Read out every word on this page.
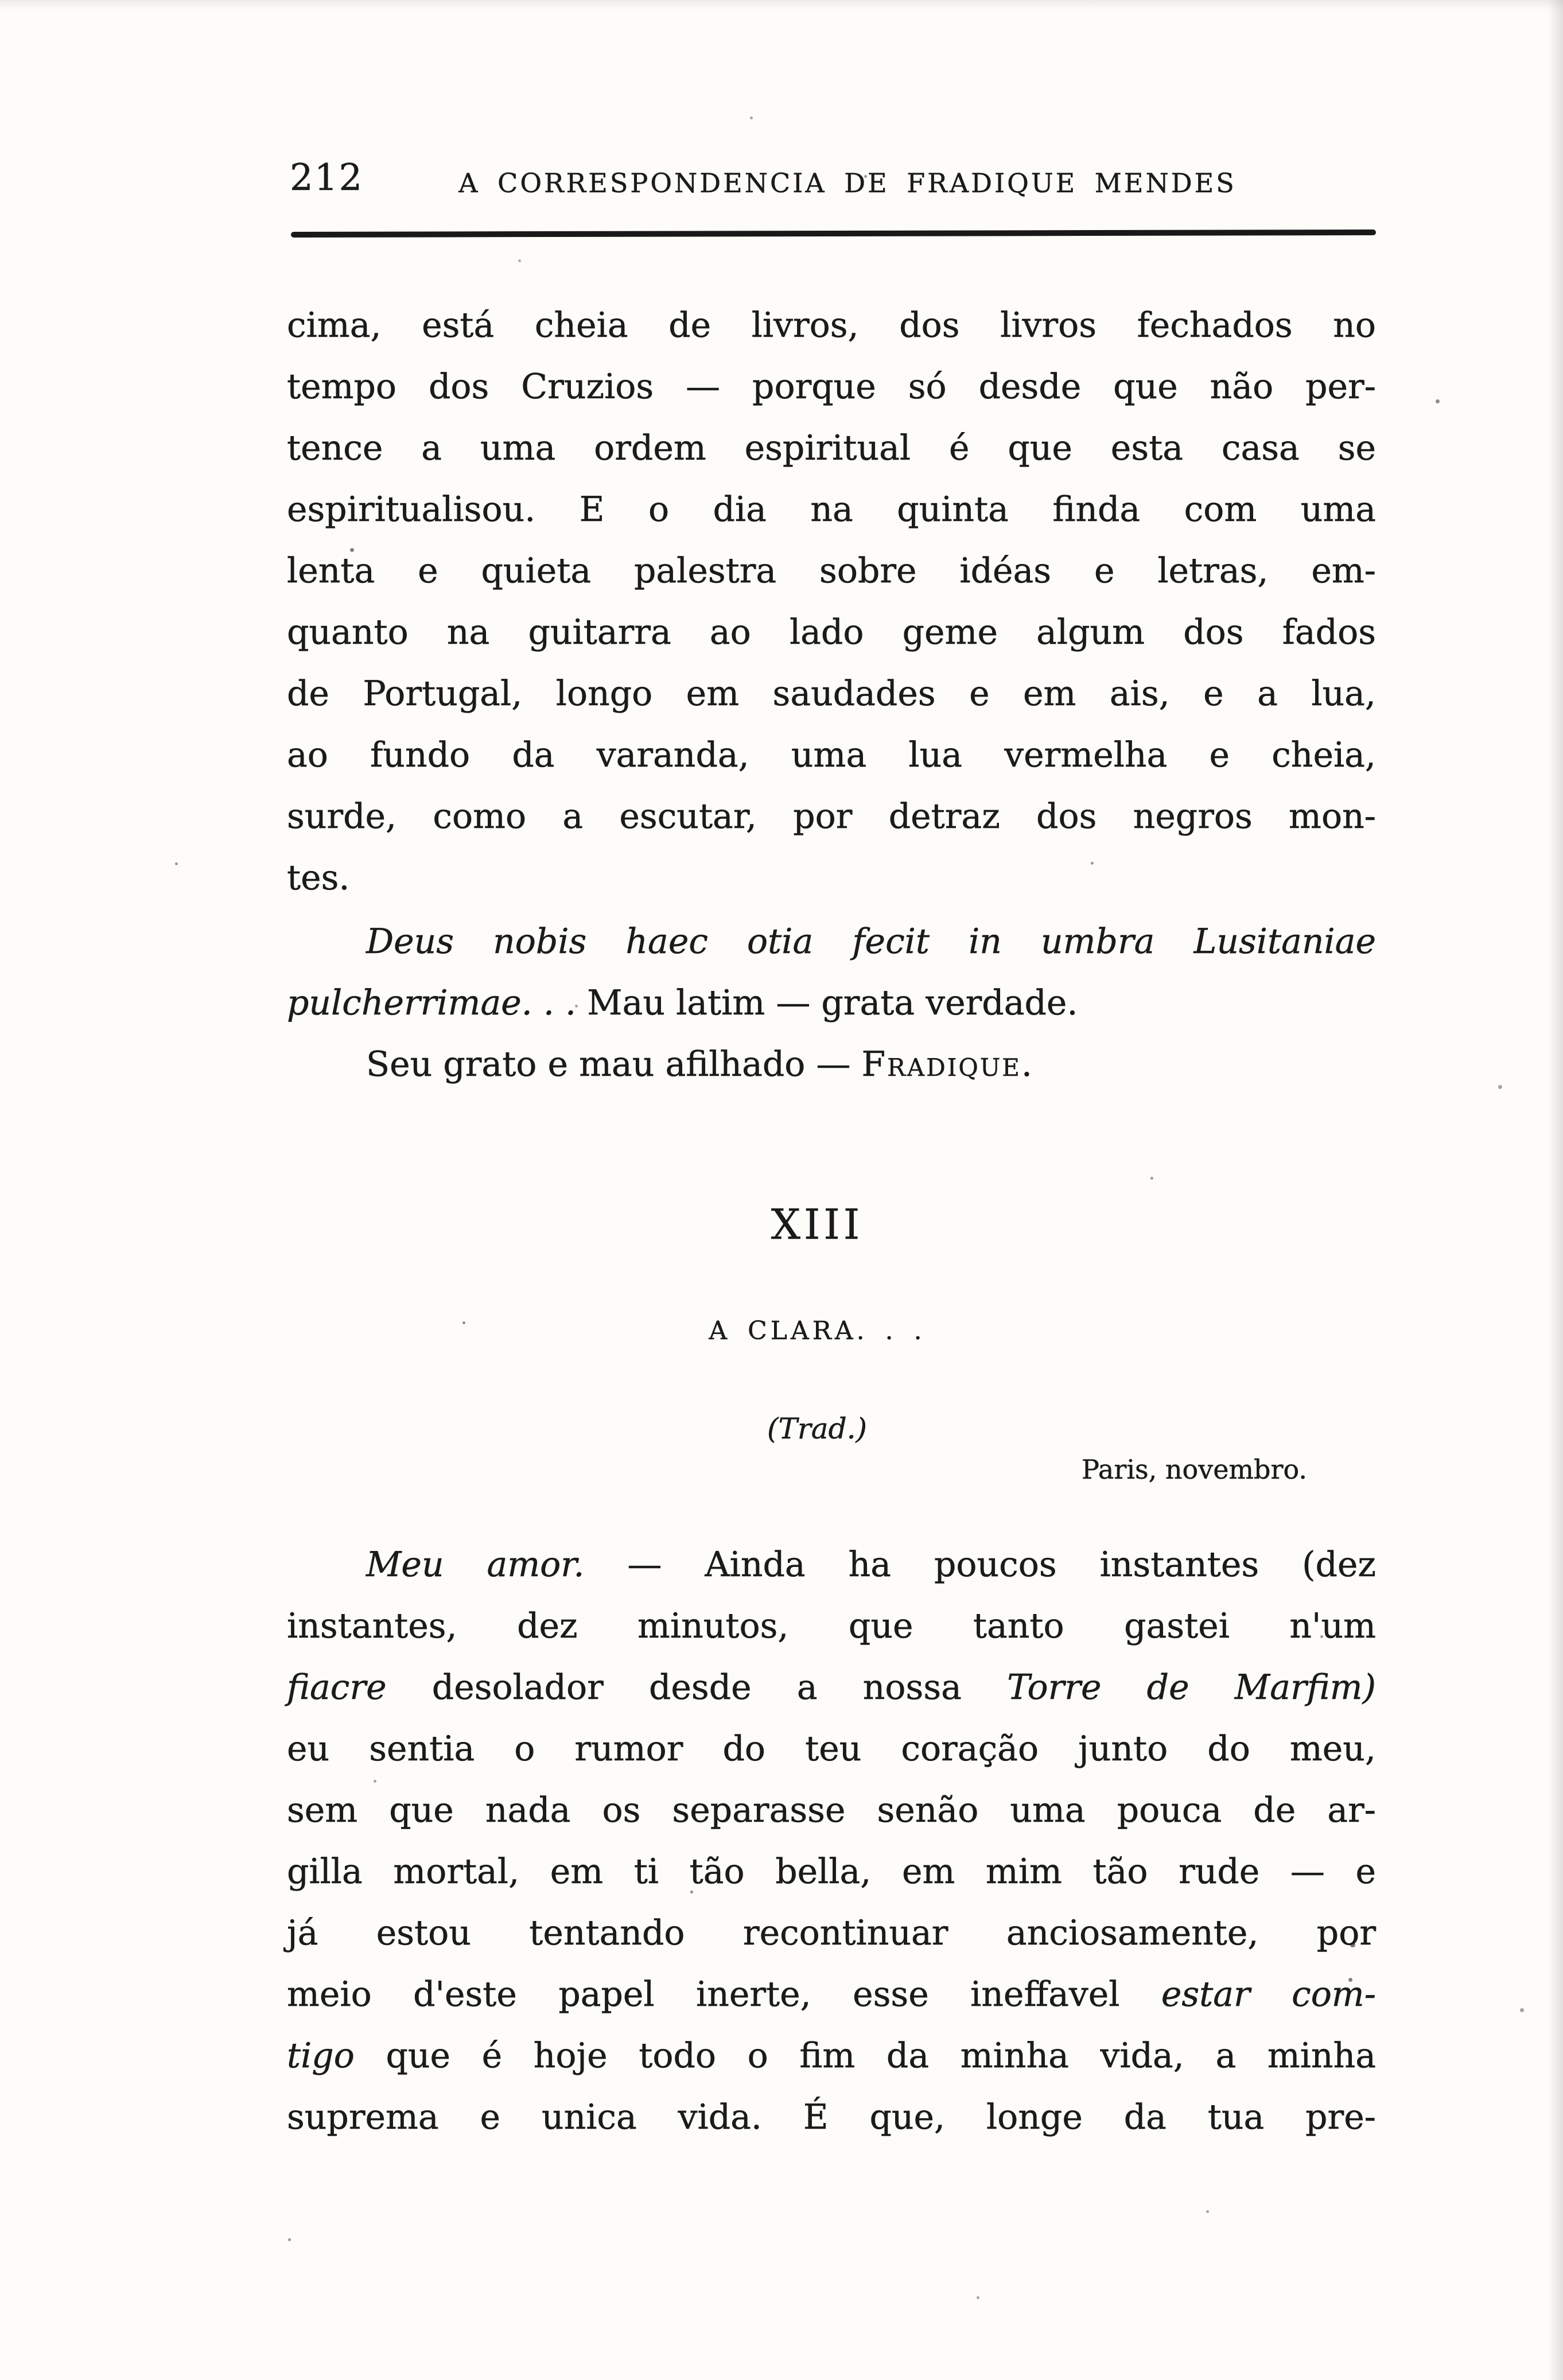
212	A CORRESPONDENCIA DE FRADIQUE MENDES
cima, está cheia de livros, dos livros fechados no
tempo dos Cruzios — porque só desde que não per-
tence a uma ordem espiritual é que esta casa se
espiritualisou. E o dia na quinta finda com uma
lenta e quieta palestra sobre idéas e letras, em-
quanto na guitarra ao lado geme algum dos fados
de Portugal, longo em saudades e em ais, e a lua,
ao fundo da varanda, uma lua vermelha e cheia,
surde, como a escutar, por detraz dos negros mon-
tes.
Deus nobis haec otia fecit in umbra Lusitaniae
pulcherrimae. . . Mau latim — grata verdade.
Seu grato e mau afilhado — Fradique.
XIII
A CLARA. . .
(Trad.)
Paris, novembro.
Meu amor. — Ainda ha poucos instantes (dez
instantes, dez minutos, que tanto gastei n'um
fiacre desolador desde a nossa Torre de Marfim)
eu sentia o rumor do teu coração junto do meu,
sem que nada os separasse senão uma pouca de ar-
gilla mortal, em ti tão bella, em mim tão rude — e
já estou tentando recontinuar anciosamente, por
meio d'este papel inerte, esse ineffavel estar com-
tigo que é hoje todo o fim da minha vida, a minha
suprema e unica vida. É que, longe da tua pre-
